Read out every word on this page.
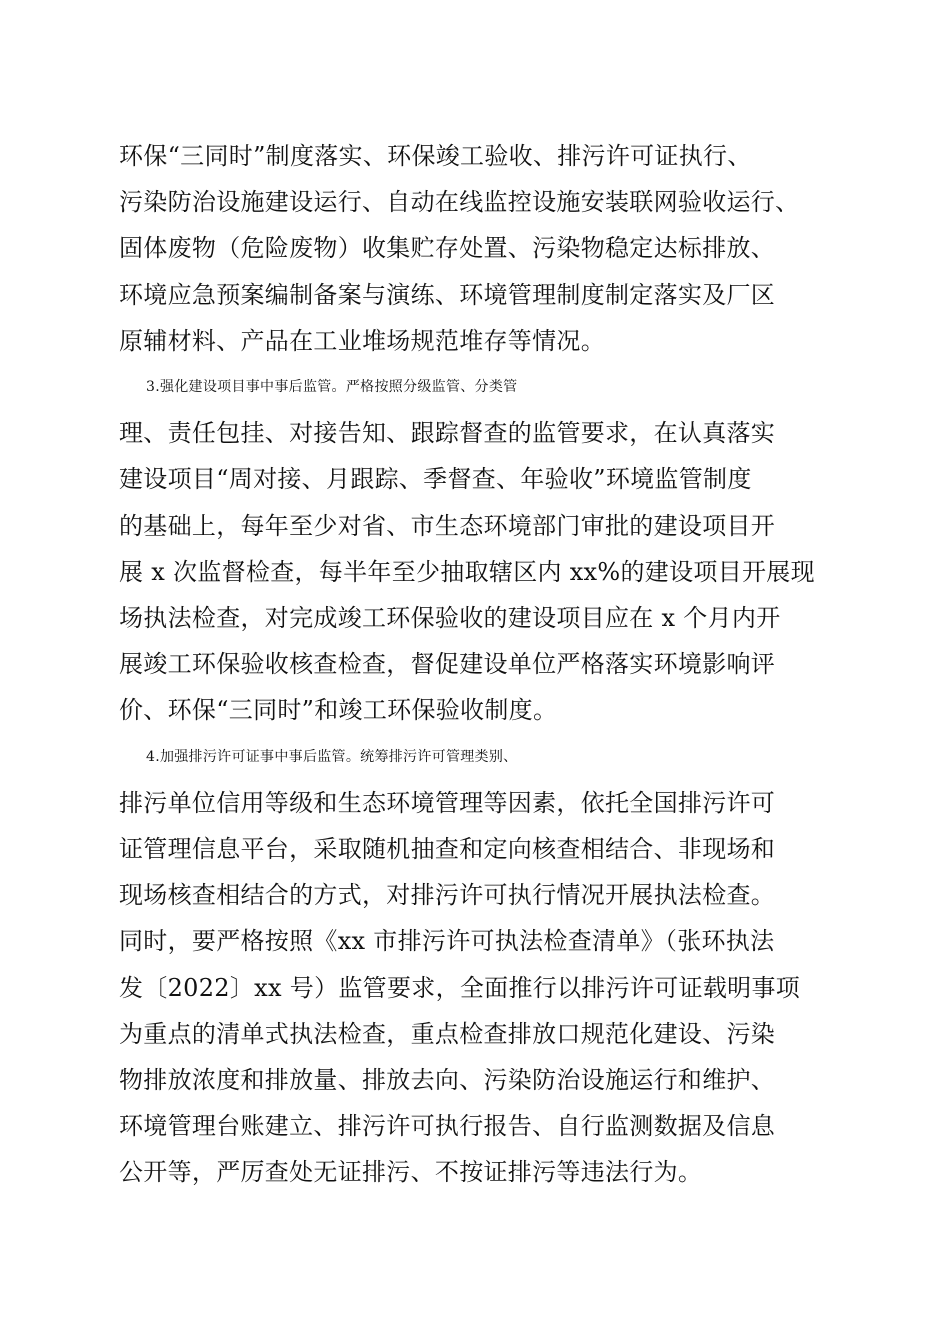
环保“三同时”制度落实、环保竣工验收、排污许可证执行、
污染防治设施建设运行、自动在线监控设施安装联网验收运行、
固体废物（危险废物）收集贮存处置、污染物稳定达标排放、
环境应急预案编制备案与演练、环境管理制度制定落实及厂区
原辅材料、产品在工业堆场规范堆存等情况。
3.强化建设项目事中事后监管。严格按照分级监管、分类管
理、责任包挂、对接告知、跟踪督查的监管要求，在认真落实
建设项目“周对接、月跟踪、季督查、年验收”环境监管制度
的基础上，每年至少对省、市生态环境部门审批的建设项目开
展 x 次监督检查，每半年至少抽取辖区内 xx%的建设项目开展现
场执法检查，对完成竣工环保验收的建设项目应在 x 个月内开
展竣工环保验收核查检查，督促建设单位严格落实环境影响评
价、环保“三同时”和竣工环保验收制度。
4.加强排污许可证事中事后监管。统筹排污许可管理类别、
排污单位信用等级和生态环境管理等因素，依托全国排污许可
证管理信息平台，采取随机抽查和定向核查相结合、非现场和
现场核查相结合的方式，对排污许可执行情况开展执法检查。
同时，要严格按照《xx 市排污许可执法检查清单》（张环执法
发〔2022〕xx 号）监管要求，全面推行以排污许可证载明事项
为重点的清单式执法检查，重点检查排放口规范化建设、污染
物排放浓度和排放量、排放去向、污染防治设施运行和维护、
环境管理台账建立、排污许可执行报告、自行监测数据及信息
公开等，严厉查处无证排污、不按证排污等违法行为。
